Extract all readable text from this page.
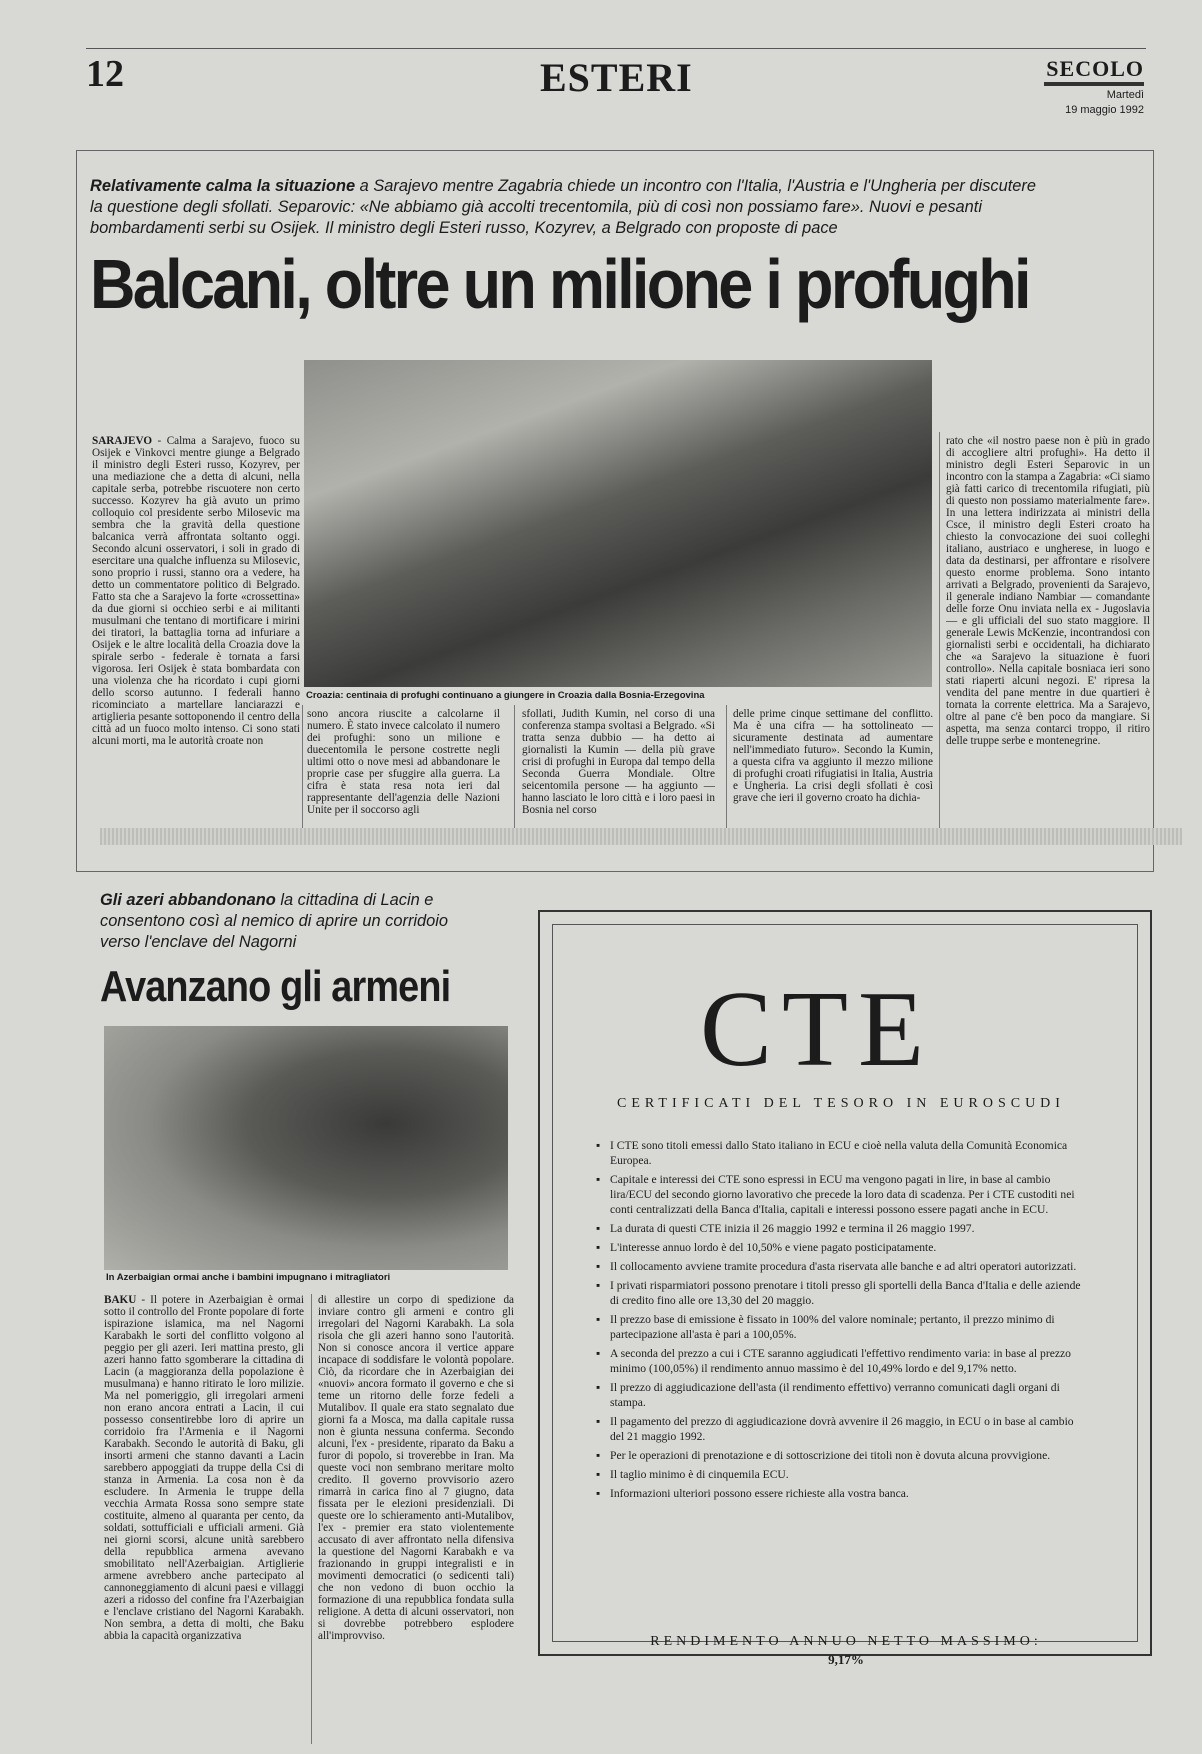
12	ESTERI	SECOLO
Martedì
19 maggio 1992
Relativamente calma la situazione a Sarajevo mentre Zagabria chiede un incontro con l'Italia, l'Austria e l'Ungheria per discutere la questione degli sfollati. Separovic: «Ne abbiamo già accolti trecentomila, più di così non possiamo fare». Nuovi e pesanti bombardamenti serbi su Osijek. Il ministro degli Esteri russo, Kozyrev, a Belgrado con proposte di pace
Balcani, oltre un milione i profughi
Croazia: centinaia di profughi continuano a giungere in Croazia dalla Bosnia-Erzegovina
SARAJEVO - Calma a Sarajevo, fuoco su Osijek e Vinkovci mentre giunge a Belgrado il ministro degli Esteri russo, Kozyrev, per una mediazione che a detta di alcuni, nella capitale serba, potrebbe riscuotere non certo successo. Kozyrev ha già avuto un primo colloquio col presidente serbo Milosevic ma sembra che la gravità della questione balcanica verrà affrontata soltanto oggi. Secondo alcuni osservatori, i soli in grado di esercitare una qualche influenza su Milosevic, sono proprio i russi, stanno ora a vedere, ha detto un commentatore politico di Belgrado. Fatto sta che a Sarajevo la forte «crossettina» da due giorni si occhieo serbi e ai militanti musulmani che tentano di mortificare i mirini dei tiratori, la battaglia torna ad infuriare a Osijek e le altre località della Croazia dove la spirale serbo - federale è tornata a farsi vigorosa. Ieri Osijek è stata bombardata con una violenza che ha ricordato i cupi giorni dello scorso autunno. I federali hanno ricominciato a martellare lanciarazzi e artiglieria pesante sottoponendo il centro della città ad un fuoco molto intenso. Ci sono stati alcuni morti, ma le autorità croate non
sono ancora riuscite a calcolarne il numero. È stato invece calcolato il numero dei profughi: sono un milione e duecentomila le persone costrette negli ultimi otto o nove mesi ad abbandonare le proprie case per sfuggire alla guerra. La cifra è stata resa nota ieri dal rappresentante dell'agenzia delle Nazioni Unite per il soccorso agli
sfollati, Judith Kumin, nel corso di una conferenza stampa svoltasi a Belgrado. «Si tratta senza dubbio — ha detto ai giornalisti la Kumin — della più grave crisi di profughi in Europa dal tempo della Seconda Guerra Mondiale. Oltre seicentomila persone — ha aggiunto — hanno lasciato le loro città e i loro paesi in Bosnia nel corso
delle prime cinque settimane del conflitto. Ma è una cifra — ha sottolineato — sicuramente destinata ad aumentare nell'immediato futuro». Secondo la Kumin, a questa cifra va aggiunto il mezzo milione di profughi croati rifugiatisi in Italia, Austria e Ungheria. La crisi degli sfollati è così grave che ieri il governo croato ha dichia-
rato che «il nostro paese non è più in grado di accogliere altri profughi». Ha detto il ministro degli Esteri Separovic in un incontro con la stampa a Zagabria: «Ci siamo già fatti carico di trecentomila rifugiati, più di questo non possiamo materialmente fare». In una lettera indirizzata ai ministri della Csce, il ministro degli Esteri croato ha chiesto la convocazione dei suoi colleghi italiano, austriaco e ungherese, in luogo e data da destinarsi, per affrontare e risolvere questo enorme problema. Sono intanto arrivati a Belgrado, provenienti da Sarajevo, il generale indiano Nambiar — comandante delle forze Onu inviata nella ex - Jugoslavia — e gli ufficiali del suo stato maggiore. Il generale Lewis McKenzie, incontrandosi con giornalisti serbi e occidentali, ha dichiarato che «a Sarajevo la situazione è fuori controllo». Nella capitale bosniaca ieri sono stati riaperti alcuni negozi. E' ripresa la vendita del pane mentre in due quartieri è tornata la corrente elettrica. Ma a Sarajevo, oltre al pane c'è ben poco da mangiare. Si aspetta, ma senza contarci troppo, il ritiro delle truppe serbe e montenegrine.
Gli azeri abbandonano la cittadina di Lacin e consentono così al nemico di aprire un corridoio verso l'enclave del Nagorni
Avanzano gli armeni
In Azerbaigian ormai anche i bambini impugnano i mitragliatori
BAKU - Il potere in Azerbaigian è ormai sotto il controllo del Fronte popolare di forte ispirazione islamica, ma nel Nagorni Karabakh le sorti del conflitto volgono al peggio per gli azeri. Ieri mattina presto, gli azeri hanno fatto sgomberare la cittadina di Lacin (a maggioranza della popolazione è musulmana) e hanno ritirato le loro milizie. Ma nel pomeriggio, gli irregolari armeni non erano ancora entrati a Lacin, il cui possesso consentirebbe loro di aprire un corridoio fra l'Armenia e il Nagorni Karabakh. Secondo le autorità di Baku, gli insorti armeni che stanno davanti a Lacin sarebbero appoggiati da truppe della Csi di stanza in Armenia. La cosa non è da escludere. In Armenia le truppe della vecchia Armata Rossa sono sempre state costituite, almeno al quaranta per cento, da soldati, sottufficiali e ufficiali armeni. Già nei giorni scorsi, alcune unità sarebbero della repubblica armena avevano smobilitato nell'Azerbaigian. Artiglierie armene avrebbero anche partecipato al cannoneggiamento di alcuni paesi e villaggi azeri a ridosso del confine fra l'Azerbaigian e l'enclave cristiano del Nagorni Karabakh. Non sembra, a detta di molti, che Baku abbia la capacità organizzativa
di allestire un corpo di spedizione da inviare contro gli armeni e contro gli irregolari del Nagorni Karabakh. La sola risola che gli azeri hanno sono l'autorità. Non si conosce ancora il vertice appare incapace di soddisfare le volontà popolare. Ciò, da ricordare che in Azerbaigian dei «nuovi» ancora formato il governo e che si teme un ritorno delle forze fedeli a Mutalibov. Il quale era stato segnalato due giorni fa a Mosca, ma dalla capitale russa non è giunta nessuna conferma. Secondo alcuni, l'ex - presidente, riparato da Baku a furor di popolo, si troverebbe in Iran. Ma queste voci non sembrano meritare molto credito. Il governo provvisorio azero rimarrà in carica fino al 7 giugno, data fissata per le elezioni presidenziali. Di queste ore lo schieramento anti-Mutalibov, l'ex - premier era stato violentemente accusato di aver affrontato nella difensiva la questione del Nagorni Karabakh e va frazionando in gruppi integralisti e in movimenti democratici (o sedicenti tali) che non vedono di buon occhio la formazione di una repubblica fondata sulla religione. A detta di alcuni osservatori, non si dovrebbe potrebbero esplodere all'improvviso.
CTE
CERTIFICATI DEL TESORO IN EUROSCUDI
▪ I CTE sono titoli emessi dallo Stato italiano in ECU e cioè nella valuta della Comunità Economica Europea.
▪ Capitale e interessi dei CTE sono espressi in ECU ma vengono pagati in lire, in base al cambio lira/ECU del secondo giorno lavorativo che precede la loro data di scadenza. Per i CTE custoditi nei conti centralizzati della Banca d'Italia, capitali e interessi possono essere pagati anche in ECU.
▪ La durata di questi CTE inizia il 26 maggio 1992 e termina il 26 maggio 1997.
▪ L'interesse annuo lordo è del 10,50% e viene pagato posticipatamente.
▪ Il collocamento avviene tramite procedura d'asta riservata alle banche e ad altri operatori autorizzati.
▪ I privati risparmiatori possono prenotare i titoli presso gli sportelli della Banca d'Italia e delle aziende di credito fino alle ore 13,30 del 20 maggio.
▪ Il prezzo base di emissione è fissato in 100% del valore nominale; pertanto, il prezzo minimo di partecipazione all'asta è pari a 100,05%.
▪ A seconda del prezzo a cui i CTE saranno aggiudicati l'effettivo rendimento varia: in base al prezzo minimo (100,05%) il rendimento annuo massimo è del 10,49% lordo e del 9,17% netto.
▪ Il prezzo di aggiudicazione dell'asta (il rendimento effettivo) verranno comunicati dagli organi di stampa.
▪ Il pagamento del prezzo di aggiudicazione dovrà avvenire il 26 maggio, in ECU o in base al cambio del 21 maggio 1992.
▪ Per le operazioni di prenotazione e di sottoscrizione dei titoli non è dovuta alcuna provvigione.
▪ Il taglio minimo è di cinquemila ECU.
▪ Informazioni ulteriori possono essere richieste alla vostra banca.
RENDIMENTO ANNUO NETTO MASSIMO:
9,17%
